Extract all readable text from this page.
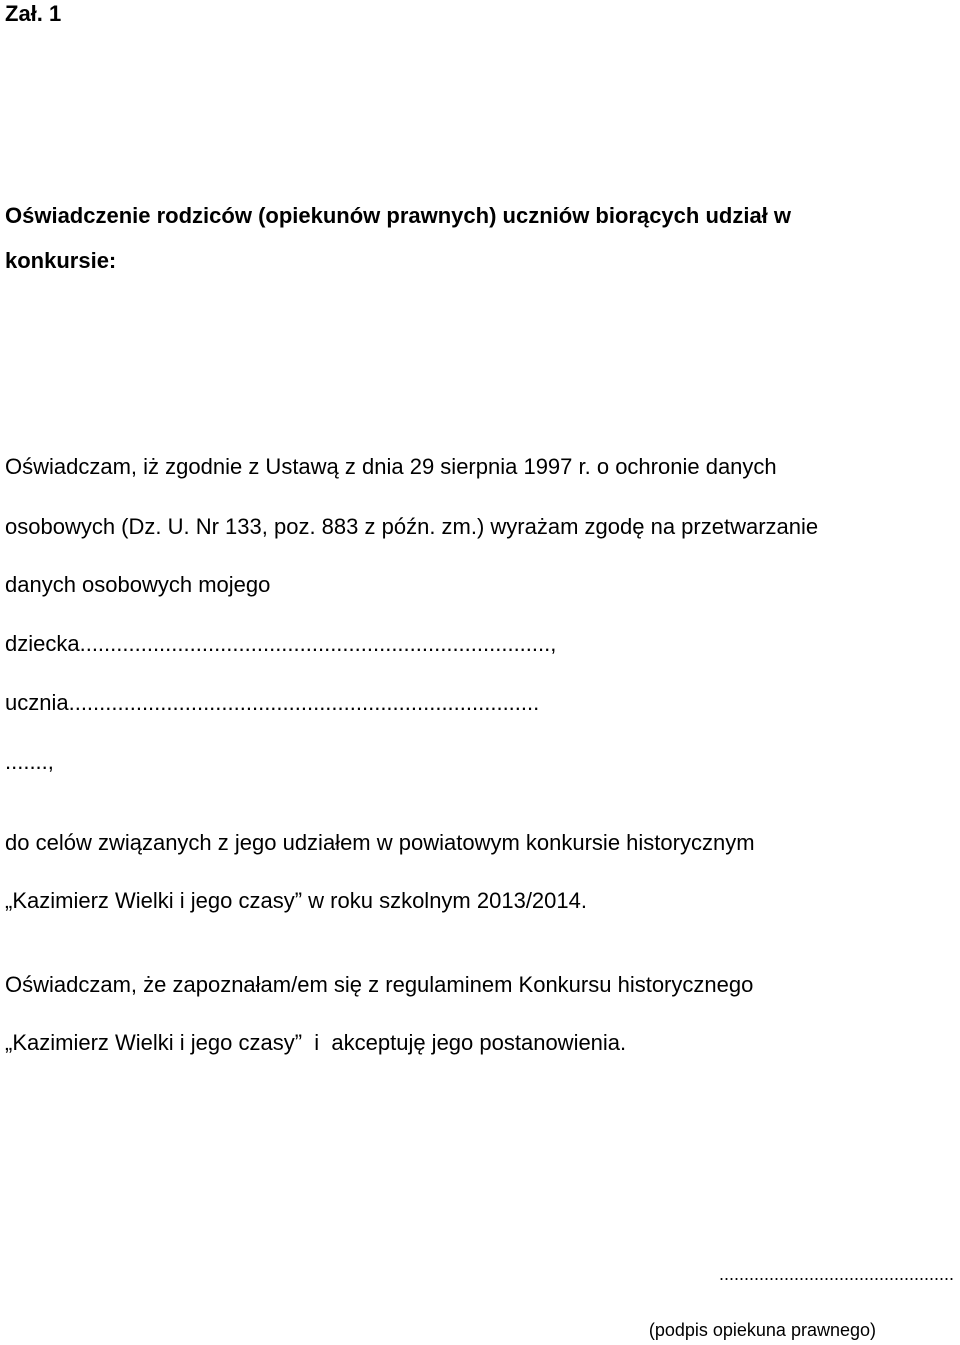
Zał. 1

Oświadczenie rodziców (opiekunów prawnych) uczniów biorących udział w

konkursie:

Oświadczam, iż zgodnie z Ustawą z dnia 29 sierpnia 1997 r. o ochronie danych

osobowych (Dz. U. Nr 133, poz. 883 z późn. zm.) wyrażam zgodę na przetwarzanie

danych osobowych mojego

dziecka.............................................................................,

ucznia.............................................................................

.......,

do celów związanych z jego udziałem w powiatowym konkursie historycznym

„Kazimierz Wielki i jego czasy” w roku szkolnym 2013/2014.

Oświadczam, że zapoznałam/em się z regulaminem Konkursu historycznego

„Kazimierz Wielki i jego czasy”  i  akceptuję jego postanowienia.

...............................................

(podpis opiekuna prawnego)
